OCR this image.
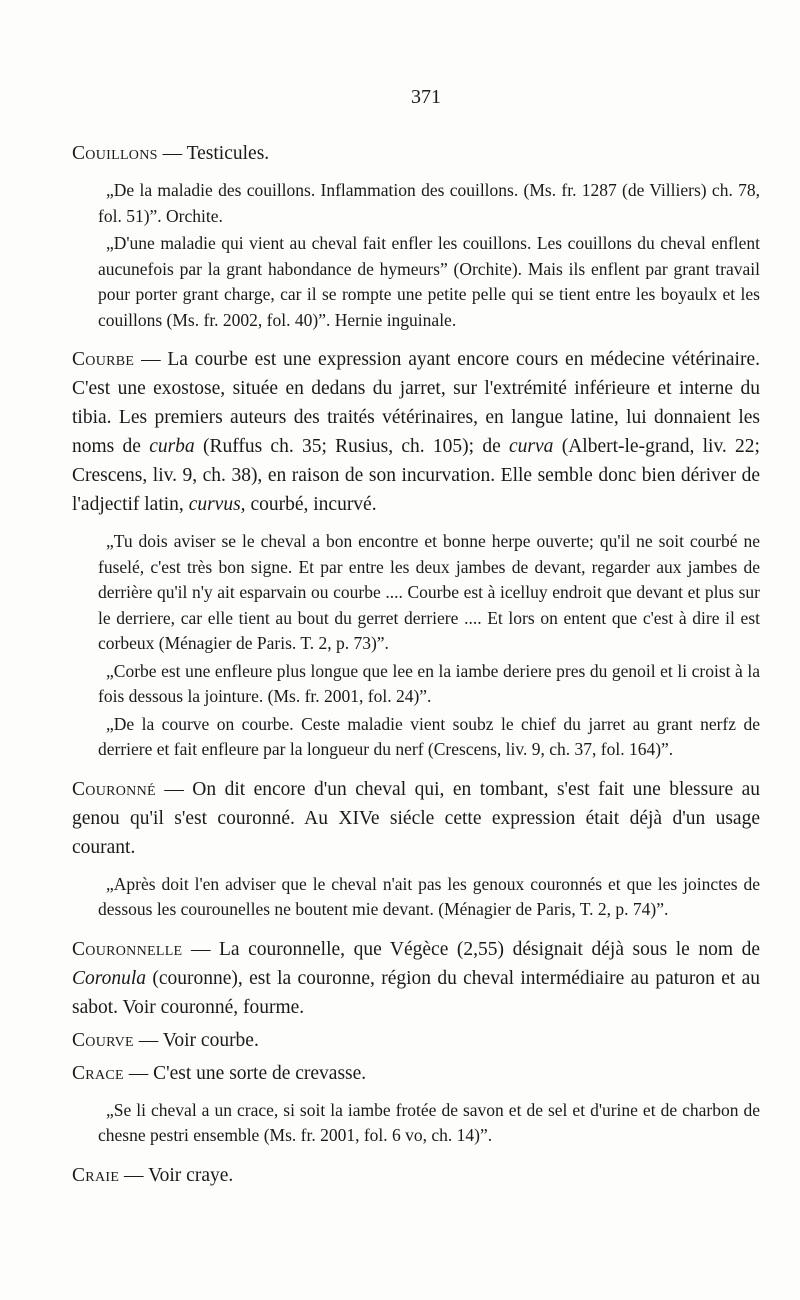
371
Couillons — Testicules.
„De la maladie des couillons. Inflammation des couillons. (Ms. fr. 1287 (de Villiers) ch. 78, fol. 51)”. Orchite.
„D'une maladie qui vient au cheval fait enfler les couillons. Les couillons du cheval enflent aucunefois par la grant habondance de hymeurs” (Orchite). Mais ils enflent par grant travail pour porter grant charge, car il se rompte une petite pelle qui se tient entre les boyaulx et les couillons (Ms. fr. 2002, fol. 40)”. Hernie inguinale.
Courbe — La courbe est une expression ayant encore cours en médecine vétérinaire. C'est une exostose, située en dedans du jarret, sur l'extrémité inférieure et interne du tibia. Les premiers auteurs des traités vétérinaires, en langue latine, lui donnaient les noms de curba (Ruffus ch. 35; Rusius, ch. 105); de curva (Albert-le-grand, liv. 22; Crescens, liv. 9, ch. 38), en raison de son incurvation. Elle semble donc bien dériver de l'adjectif latin, curvus, courbé, incurvé.
„Tu dois aviser se le cheval a bon encontre et bonne herpe ouverte; qu'il ne soit courbé ne fuselé, c'est très bon signe. Et par entre les deux jambes de devant, regarder aux jambes de derrière qu'il n'y ait esparvain ou courbe .... Courbe est à icelluy endroit que devant et plus sur le derriere, car elle tient au bout du gerret derriere .... Et lors on entent que c'est à dire il est corbeux (Ménagier de Paris. T. 2, p. 73)”.
„Corbe est une enfleure plus longue que lee en la iambe deriere pres du genoil et li croist à la fois dessous la jointure. (Ms. fr. 2001, fol. 24)”.
„De la courve on courbe. Ceste maladie vient soubz le chief du jarret au grant nerfz de derriere et fait enfleure par la longueur du nerf (Crescens, liv. 9, ch. 37, fol. 164)”.
Couronné — On dit encore d'un cheval qui, en tombant, s'est fait une blessure au genou qu'il s'est couronné. Au XIVe siécle cette expression était déjà d'un usage courant.
„Après doit l'en adviser que le cheval n'ait pas les genoux couronnés et que les joinctes de dessous les courounelles ne boutent mie devant. (Ménagier de Paris, T. 2, p. 74)”.
Couronnelle — La couronnelle, que Végèce (2,55) désignait déjà sous le nom de Coronula (couronne), est la couronne, région du cheval intermédiaire au paturon et au sabot. Voir couronné, fourme.
Courve — Voir courbe.
Crace — C'est une sorte de crevasse.
„Se li cheval a un crace, si soit la iambe frotée de savon et de sel et d'urine et de charbon de chesne pestri ensemble (Ms. fr. 2001, fol. 6 vo, ch. 14)”.
Craie — Voir craye.
